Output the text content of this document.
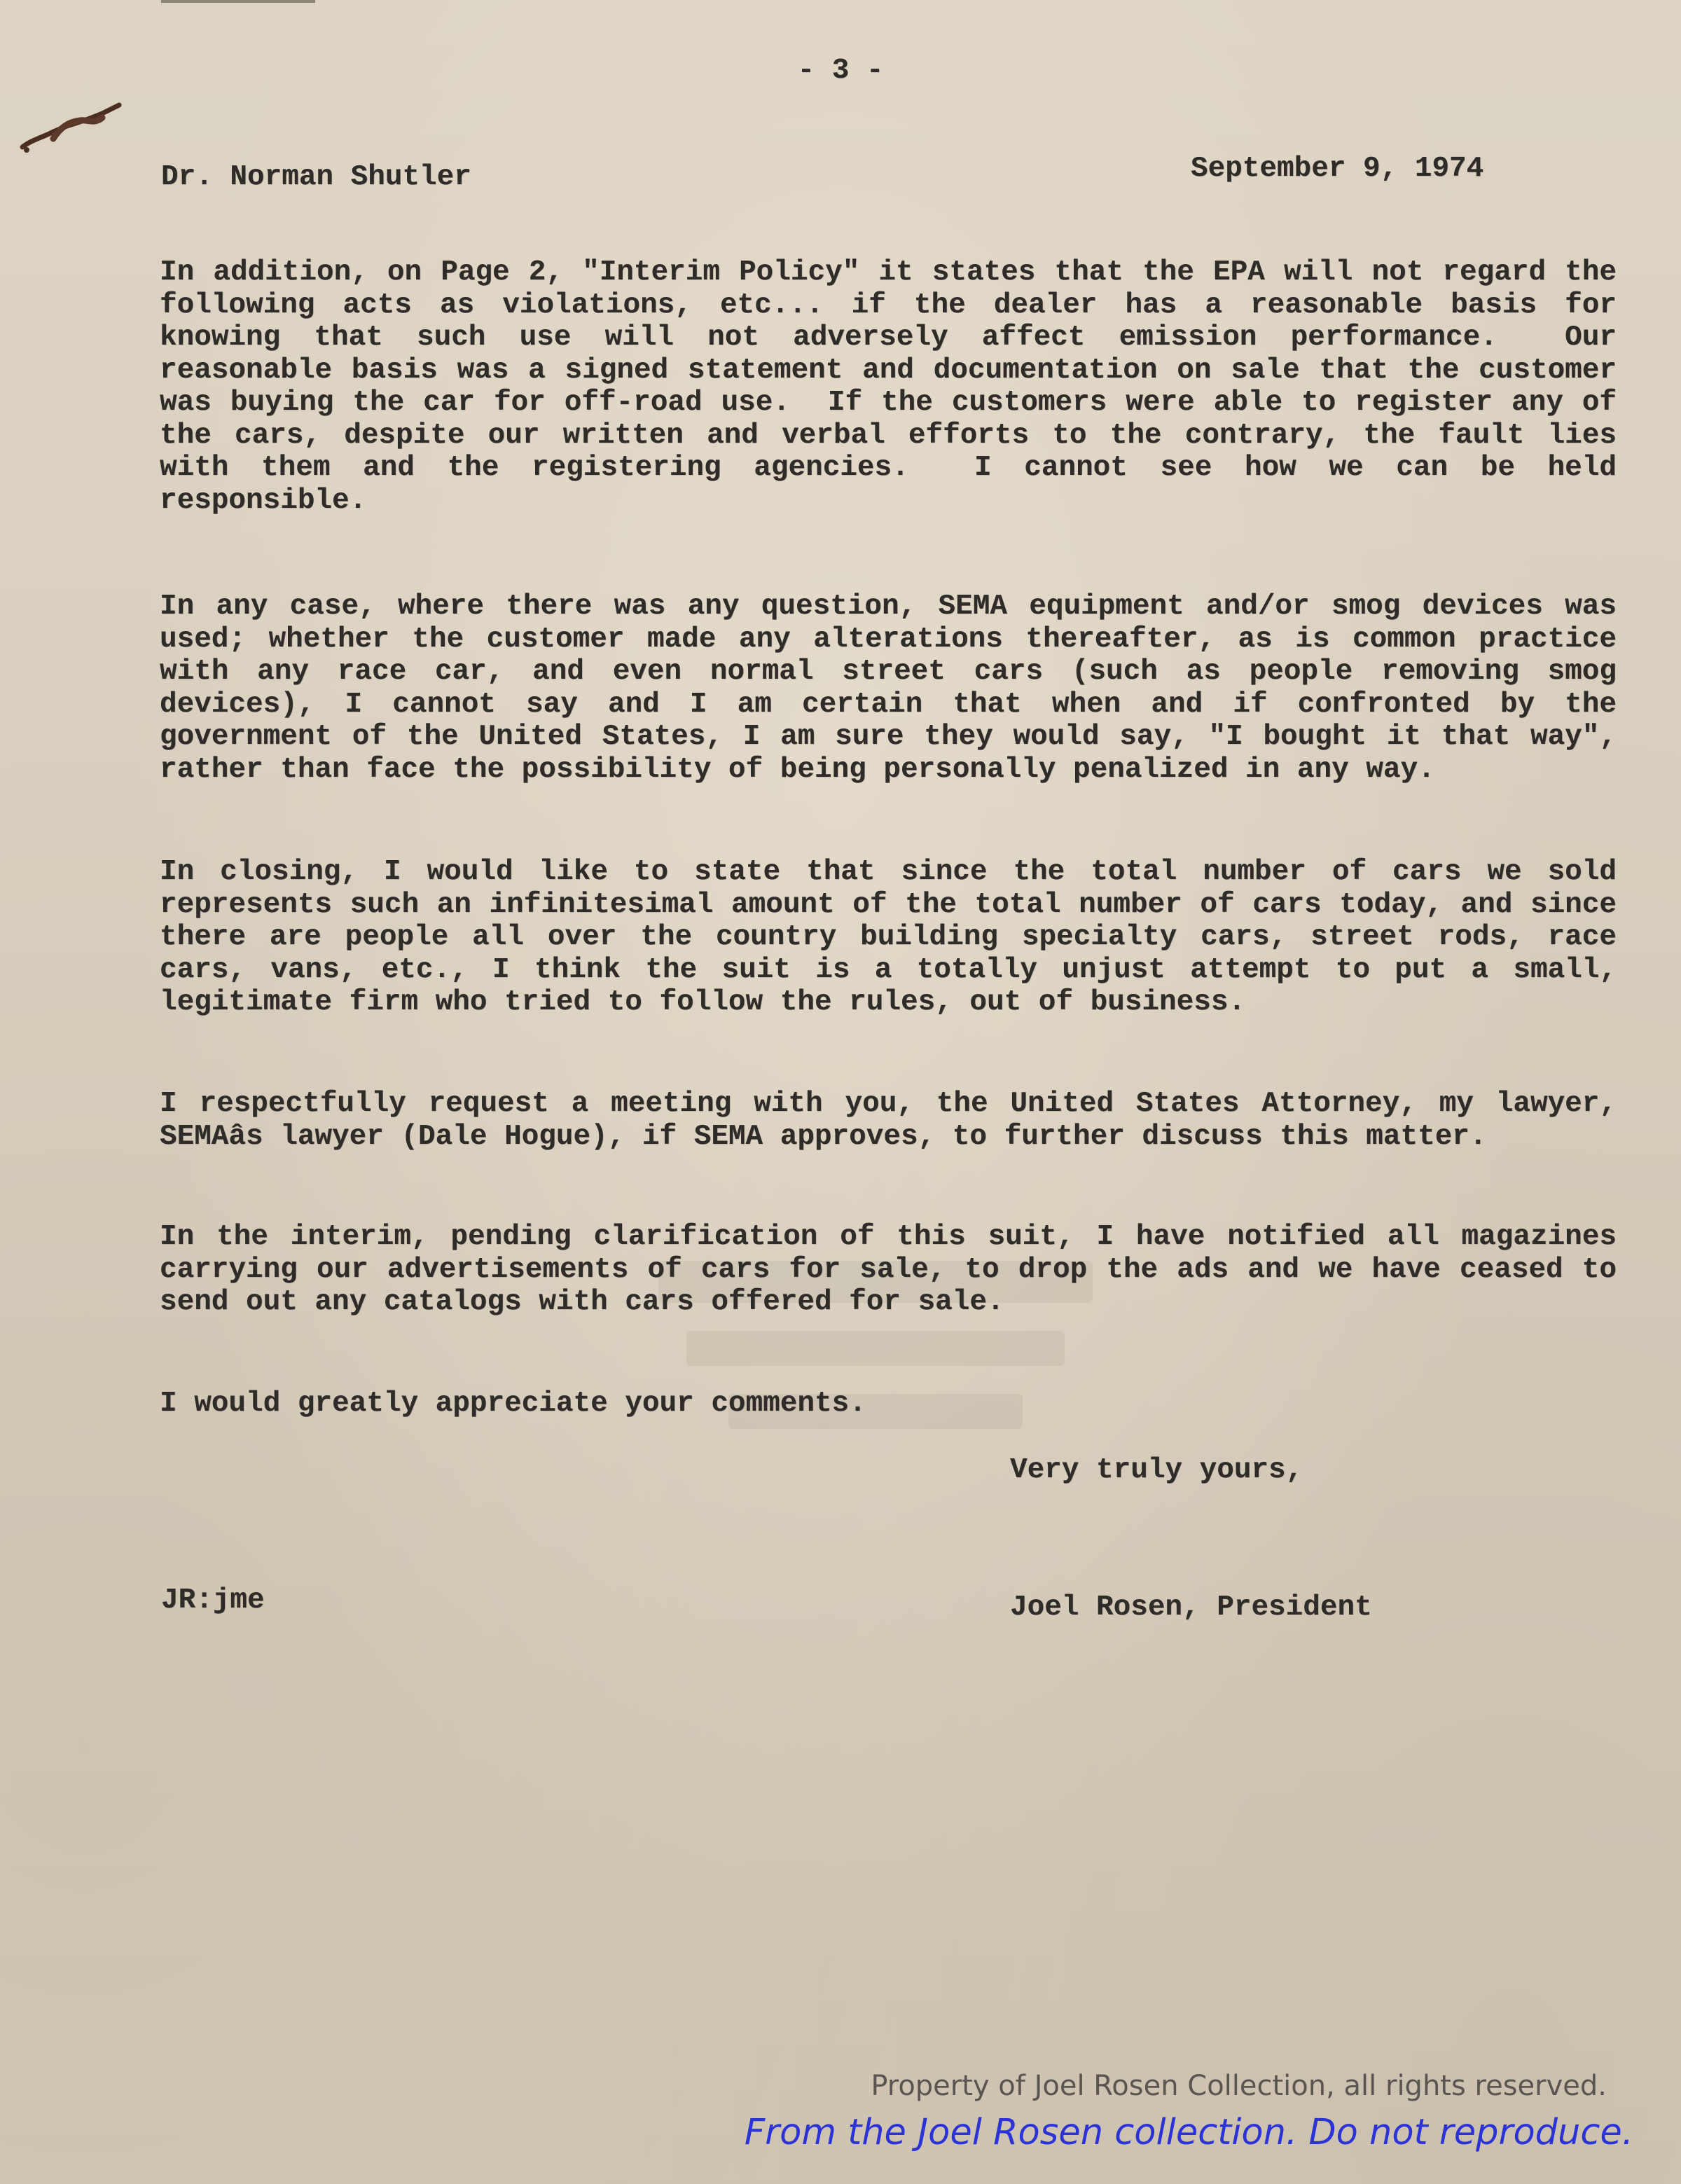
- 3 -

Dr. Norman Shutler	September 9, 1974

In addition, on Page 2, "Interim Policy" it states that the EPA will not regard the following acts as violations, etc... if the dealer has a reasonable basis for knowing that such use will not adversely affect emission performance.  Our reasonable basis was a signed statement and documentation on sale that the customer was buying the car for off-road use.  If the customers were able to register any of the cars, despite our written and verbal efforts to the contrary, the fault lies with them and the registering agencies.  I cannot see how we can be held responsible.

In any case, where there was any question, SEMA equipment and/or smog devices was used; whether the customer made any alterations thereafter, as is common practice with any race car, and even normal street cars (such as people removing smog devices), I cannot say and I am certain that when and if confronted by the government of the United States, I am sure they would say, "I bought it that way", rather than face the possibility of being personally penalized in any way.

In closing, I would like to state that since the total number of cars we sold represents such an infinitesimal amount of the total number of cars today, and since there are people all over the country building specialty cars, street rods, race cars, vans, etc., I think the suit is a totally unjust attempt to put a small, legitimate firm who tried to follow the rules, out of business.

I respectfully request a meeting with you, the United States Attorney, my lawyer, SEMAâs lawyer (Dale Hogue), if SEMA approves, to further discuss this matter.

In the interim, pending clarification of this suit, I have notified all magazines carrying our advertisements of cars for sale, to drop the ads and we have ceased to send out any catalogs with cars offered for sale.

I would greatly appreciate your comments.

Very truly yours,

JR:jme	Joel Rosen, President

Property of Joel Rosen Collection, all rights reserved.
From the Joel Rosen collection. Do not reproduce.
